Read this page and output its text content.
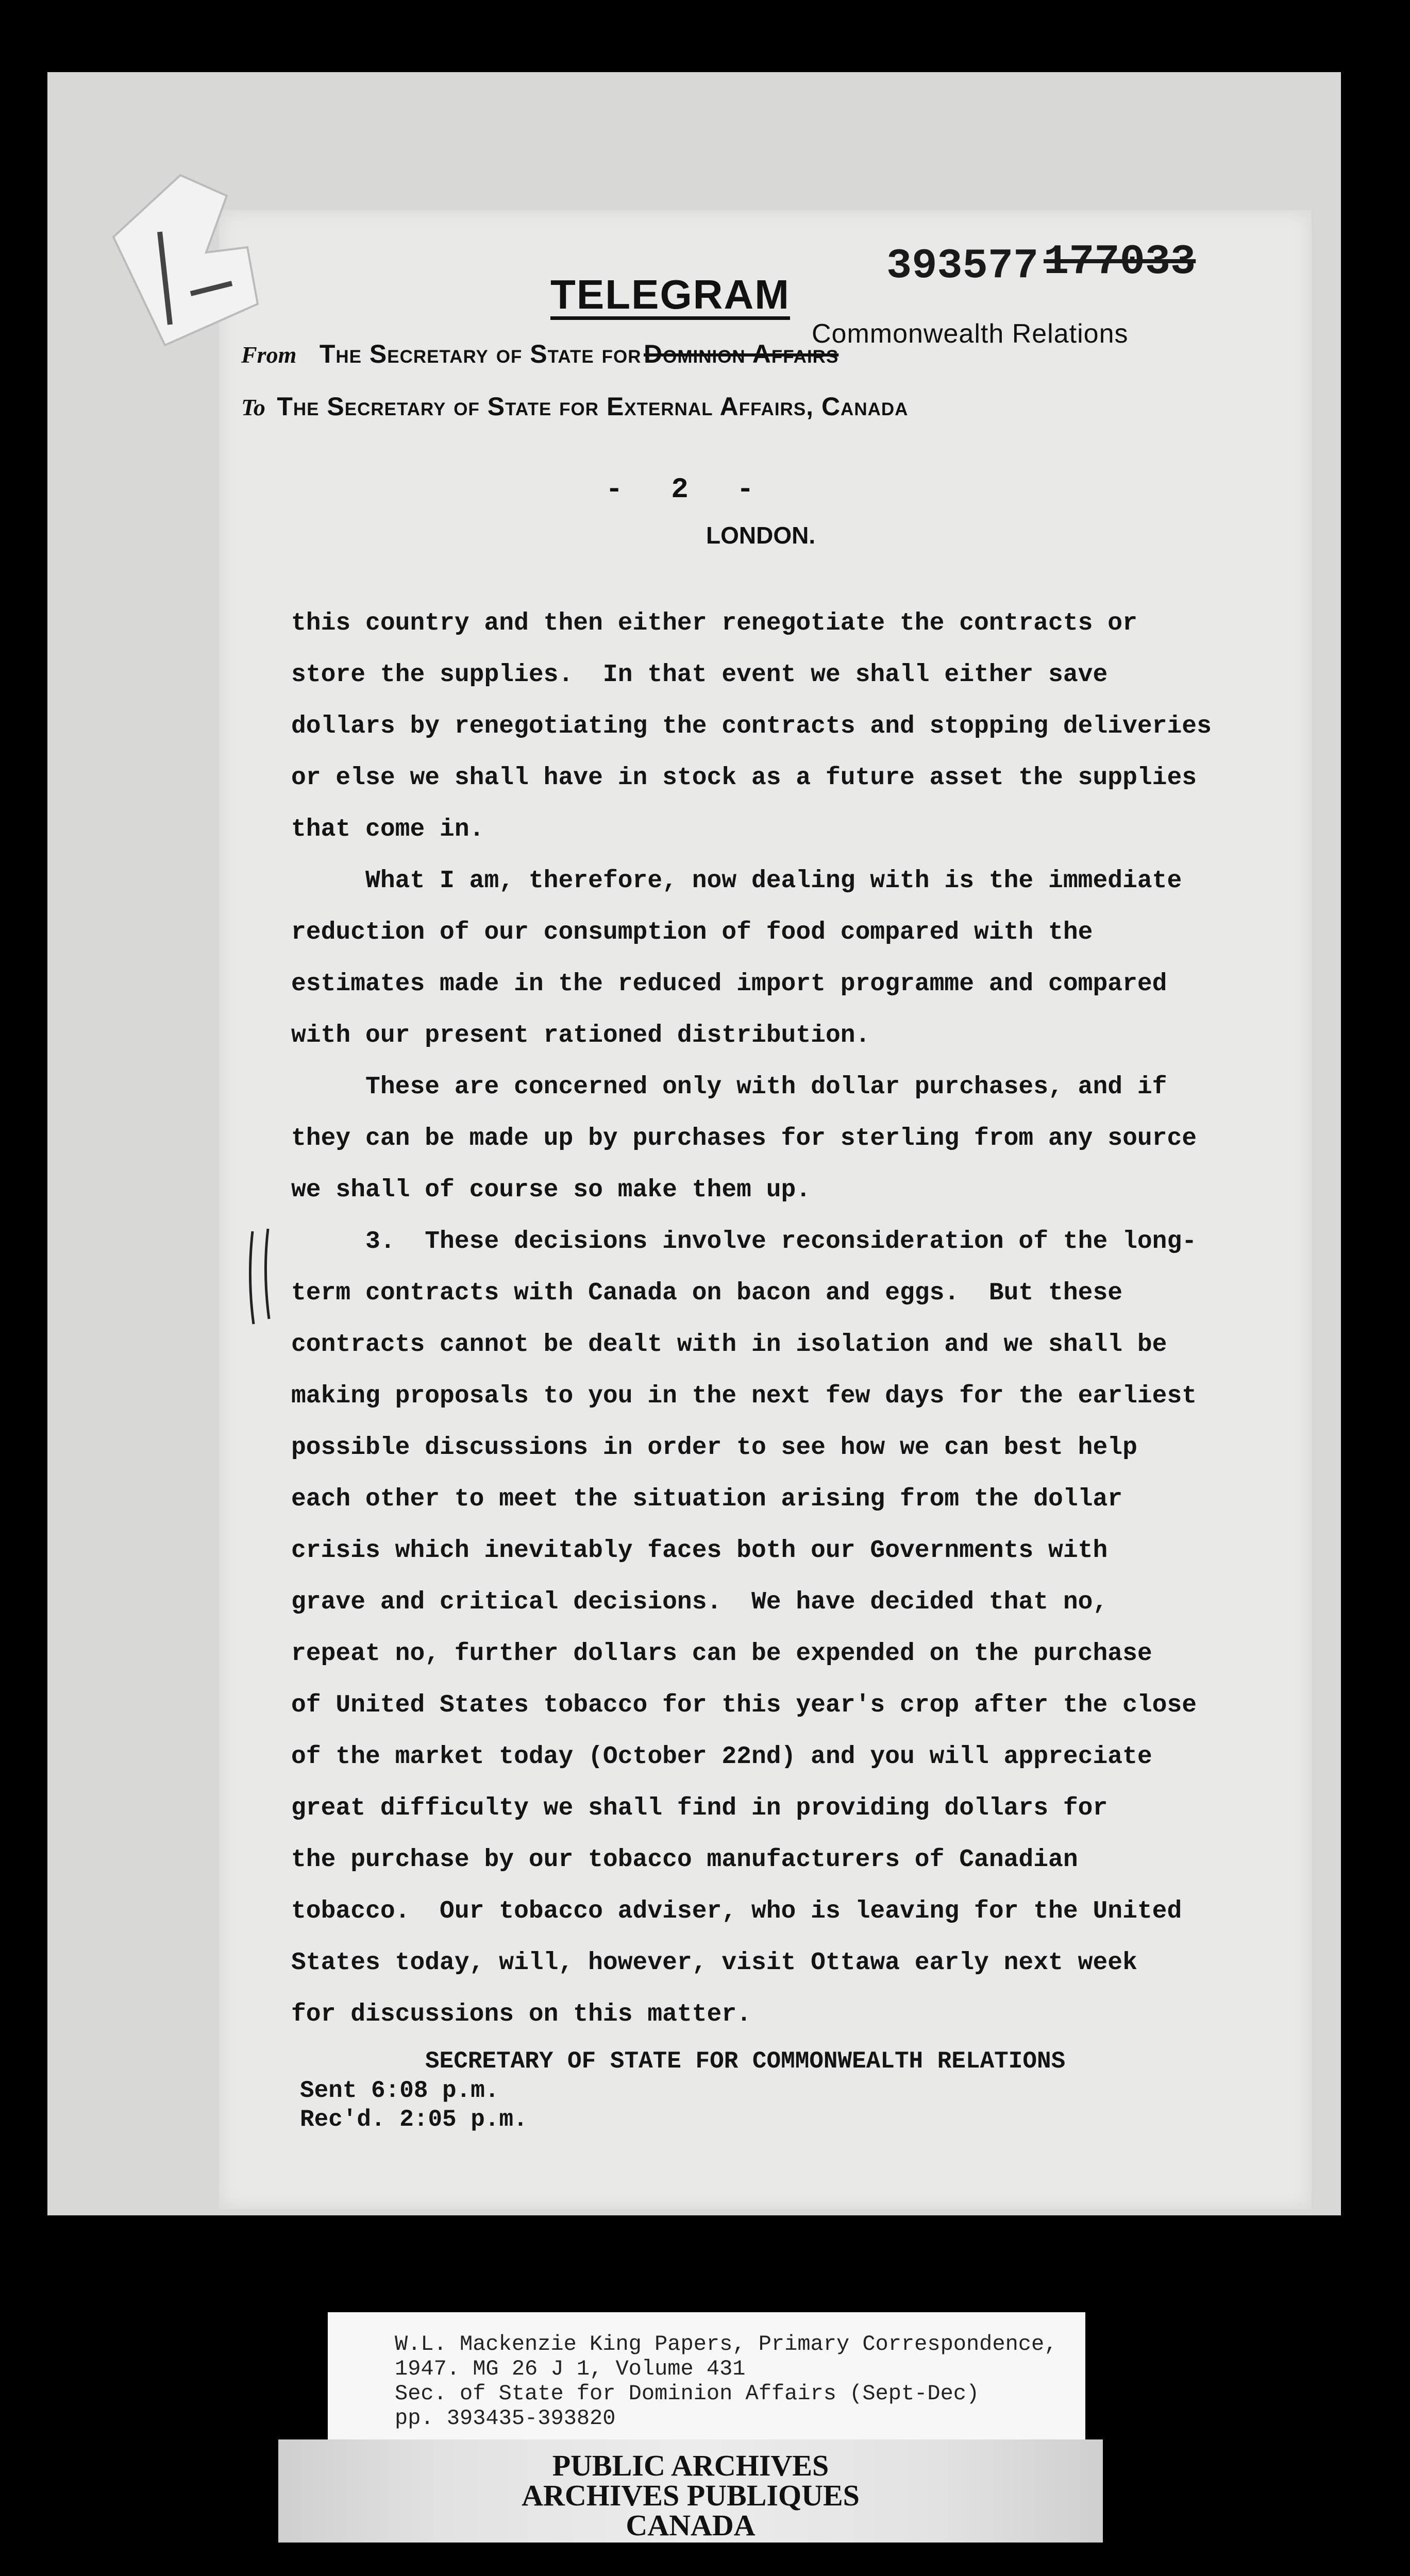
393577 177033
TELEGRAM
Commonwealth Relations
From The Secretary of State for Dominion Affairs
To The Secretary of State for External Affairs, Canada
- 2 -
LONDON.
this country and then either renegotiate the contracts or
store the supplies.  In that event we shall either save
dollars by renegotiating the contracts and stopping deliveries
or else we shall have in stock as a future asset the supplies
that come in.
What I am, therefore, now dealing with is the immediate
reduction of our consumption of food compared with the
estimates made in the reduced import programme and compared
with our present rationed distribution.
These are concerned only with dollar purchases, and if
they can be made up by purchases for sterling from any source
we shall of course so make them up.
3.  These decisions involve reconsideration of the long-
term contracts with Canada on bacon and eggs.  But these
contracts cannot be dealt with in isolation and we shall be
making proposals to you in the next few days for the earliest
possible discussions in order to see how we can best help
each other to meet the situation arising from the dollar
crisis which inevitably faces both our Governments with
grave and critical decisions.  We have decided that no,
repeat no, further dollars can be expended on the purchase
of United States tobacco for this year's crop after the close
of the market today (October 22nd) and you will appreciate
great difficulty we shall find in providing dollars for
the purchase by our tobacco manufacturers of Canadian
tobacco.  Our tobacco adviser, who is leaving for the United
States today, will, however, visit Ottawa early next week
for discussions on this matter.
SECRETARY OF STATE FOR COMMONWEALTH RELATIONS
Sent 6:08 p.m.
Rec'd. 2:05 p.m.
W.L. Mackenzie King Papers, Primary Correspondence,
1947. MG 26 J 1, Volume 431
Sec. of State for Dominion Affairs (Sept-Dec)
pp. 393435-393820
PUBLIC ARCHIVES
ARCHIVES PUBLIQUES
CANADA
